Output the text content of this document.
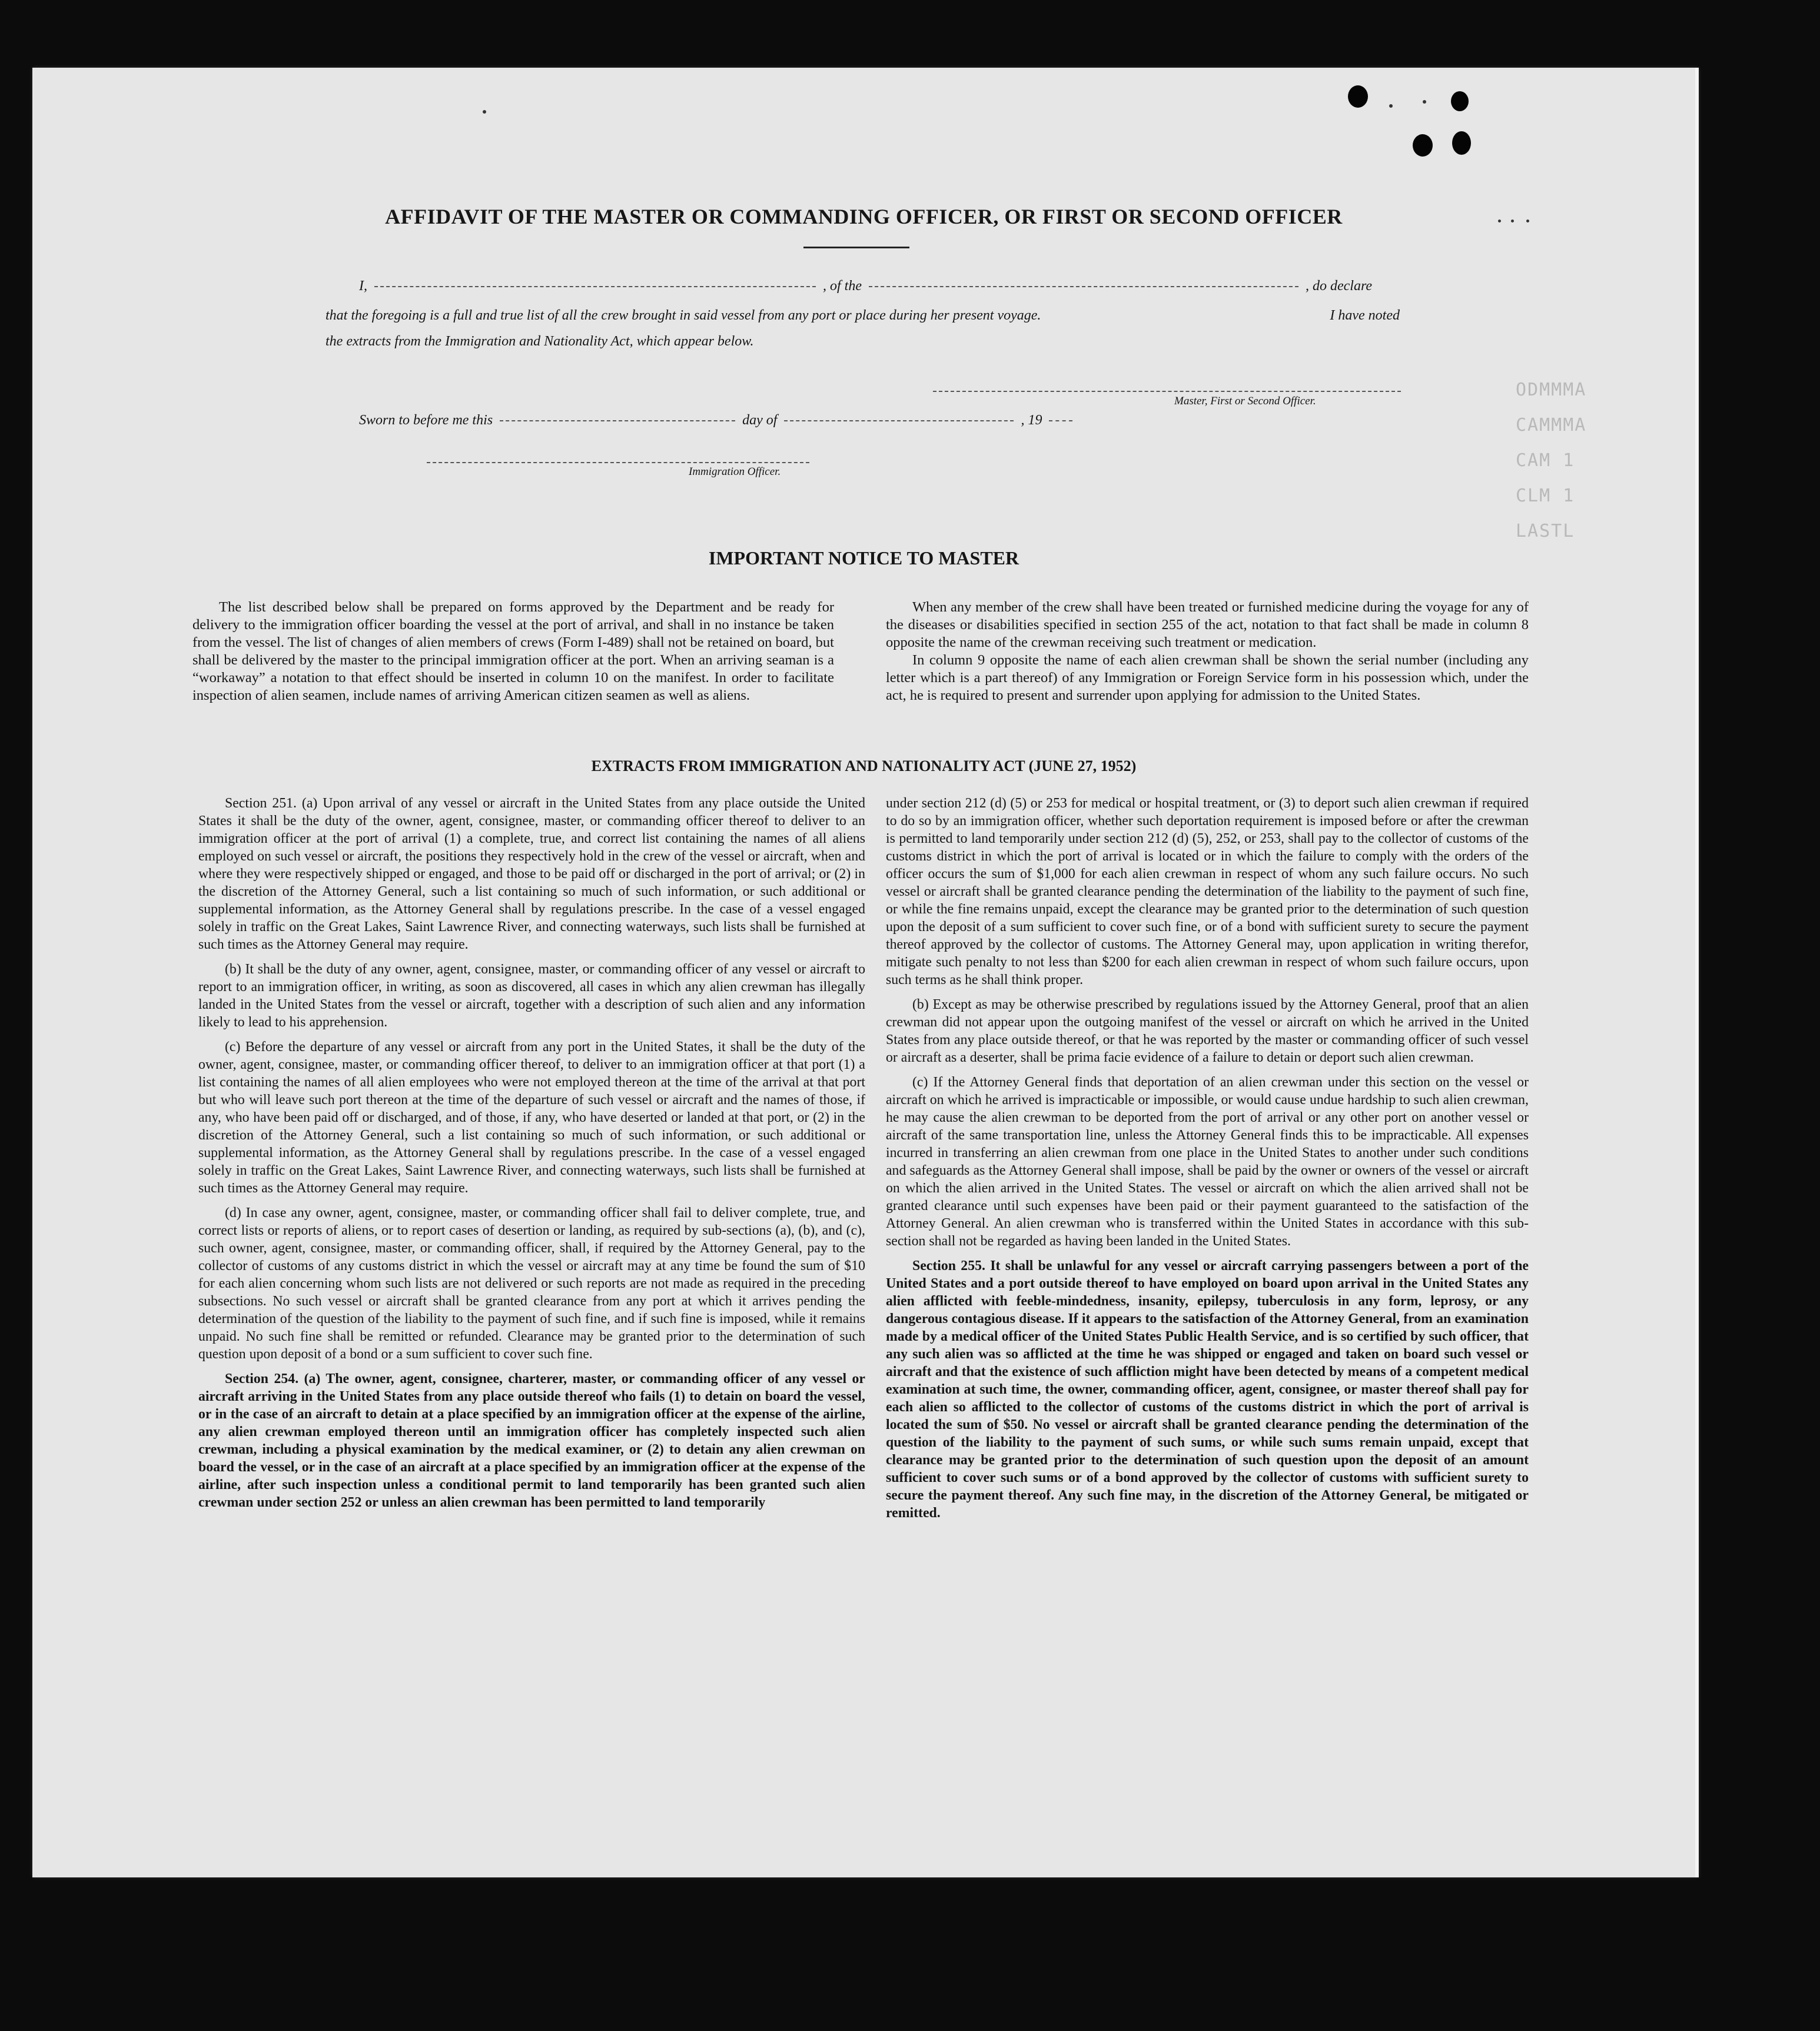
ODMMMA
CAMMMA
CAM 1
CLM 1
LASTL
AFFIDAVIT OF THE MASTER OR COMMANDING OFFICER, OR FIRST OR SECOND OFFICER
I,	, of the	, do declare
that the foregoing is a full and true list of all the crew brought in said vessel from any port or place during her present voyage.	I have noted
the extracts from the Immigration and Nationality Act, which appear below.
Master, First or Second Officer.
Sworn to before me this	day of	, 19
Immigration Officer.
IMPORTANT NOTICE TO MASTER

The list described below shall be prepared on forms approved by the Department and be ready for delivery to the immigration officer boarding the vessel at the port of arrival, and shall in no instance be taken from the vessel. The list of changes of alien members of crews (Form I-489) shall not be retained on board, but shall be delivered by the master to the principal immigration officer at the port. When an arriving seaman is a “workaway” a notation to that effect should be inserted in column 10 on the manifest. In order to facilitate inspection of alien seamen, include names of arriving American citizen seamen as well as aliens.

When any member of the crew shall have been treated or furnished medicine during the voyage for any of the diseases or disabilities specified in section 255 of the act, notation to that fact shall be made in column 8 opposite the name of the crewman receiving such treatment or medication.

In column 9 opposite the name of each alien crewman shall be shown the serial number (including any letter which is a part thereof) of any Immigration or Foreign Service form in his possession which, under the act, he is required to present and surrender upon applying for admission to the United States.

EXTRACTS FROM IMMIGRATION AND NATIONALITY ACT (JUNE 27, 1952)

Section 251. (a) Upon arrival of any vessel or aircraft in the United States from any place outside the United States it shall be the duty of the owner, agent, consignee, master, or commanding officer thereof to deliver to an immigration officer at the port of arrival (1) a complete, true, and correct list containing the names of all aliens employed on such vessel or aircraft, the positions they respectively hold in the crew of the vessel or aircraft, when and where they were respectively shipped or engaged, and those to be paid off or discharged in the port of arrival; or (2) in the discretion of the Attorney General, such a list containing so much of such information, or such additional or supplemental information, as the Attorney General shall by regulations prescribe. In the case of a vessel engaged solely in traffic on the Great Lakes, Saint Lawrence River, and connecting waterways, such lists shall be furnished at such times as the Attorney General may require.

(b) It shall be the duty of any owner, agent, consignee, master, or commanding officer of any vessel or aircraft to report to an immigration officer, in writing, as soon as discovered, all cases in which any alien crewman has illegally landed in the United States from the vessel or aircraft, together with a description of such alien and any information likely to lead to his apprehension.

(c) Before the departure of any vessel or aircraft from any port in the United States, it shall be the duty of the owner, agent, consignee, master, or commanding officer thereof, to deliver to an immigration officer at that port (1) a list containing the names of all alien employees who were not employed thereon at the time of the arrival at that port but who will leave such port thereon at the time of the departure of such vessel or aircraft and the names of those, if any, who have been paid off or discharged, and of those, if any, who have deserted or landed at that port, or (2) in the discretion of the Attorney General, such a list containing so much of such information, or such additional or supplemental information, as the Attorney General shall by regulations prescribe. In the case of a vessel engaged solely in traffic on the Great Lakes, Saint Lawrence River, and connecting waterways, such lists shall be furnished at such times as the Attorney General may require.

(d) In case any owner, agent, consignee, master, or commanding officer shall fail to deliver complete, true, and correct lists or reports of aliens, or to report cases of desertion or landing, as required by sub-sections (a), (b), and (c), such owner, agent, consignee, master, or commanding officer, shall, if required by the Attorney General, pay to the collector of customs of any customs district in which the vessel or aircraft may at any time be found the sum of $10 for each alien concerning whom such lists are not delivered or such reports are not made as required in the preceding subsections. No such vessel or aircraft shall be granted clearance from any port at which it arrives pending the determination of the question of the liability to the payment of such fine, and if such fine is imposed, while it remains unpaid. No such fine shall be remitted or refunded. Clearance may be granted prior to the determination of such question upon deposit of a bond or a sum sufficient to cover such fine.

Section 254. (a) The owner, agent, consignee, charterer, master, or commanding officer of any vessel or aircraft arriving in the United States from any place outside thereof who fails (1) to detain on board the vessel, or in the case of an aircraft to detain at a place specified by an immigration officer at the expense of the airline, any alien crewman employed thereon until an immigration officer has completely inspected such alien crewman, including a physical examination by the medical examiner, or (2) to detain any alien crewman on board the vessel, or in the case of an aircraft at a place specified by an immigration officer at the expense of the airline, after such inspection unless a conditional permit to land temporarily has been granted such alien crewman under section 252 or unless an alien crewman has been permitted to land temporarily

under section 212 (d) (5) or 253 for medical or hospital treatment, or (3) to deport such alien crewman if required to do so by an immigration officer, whether such deportation requirement is imposed before or after the crewman is permitted to land temporarily under section 212 (d) (5), 252, or 253, shall pay to the collector of customs of the customs district in which the port of arrival is located or in which the failure to comply with the orders of the officer occurs the sum of $1,000 for each alien crewman in respect of whom any such failure occurs. No such vessel or aircraft shall be granted clearance pending the determination of the liability to the payment of such fine, or while the fine remains unpaid, except the clearance may be granted prior to the determination of such question upon the deposit of a sum sufficient to cover such fine, or of a bond with sufficient surety to secure the payment thereof approved by the collector of customs. The Attorney General may, upon application in writing therefor, mitigate such penalty to not less than $200 for each alien crewman in respect of whom such failure occurs, upon such terms as he shall think proper.

(b) Except as may be otherwise prescribed by regulations issued by the Attorney General, proof that an alien crewman did not appear upon the outgoing manifest of the vessel or aircraft on which he arrived in the United States from any place outside thereof, or that he was reported by the master or commanding officer of such vessel or aircraft as a deserter, shall be prima facie evidence of a failure to detain or deport such alien crewman.

(c) If the Attorney General finds that deportation of an alien crewman under this section on the vessel or aircraft on which he arrived is impracticable or impossible, or would cause undue hardship to such alien crewman, he may cause the alien crewman to be deported from the port of arrival or any other port on another vessel or aircraft of the same transportation line, unless the Attorney General finds this to be impracticable. All expenses incurred in transferring an alien crewman from one place in the United States to another under such conditions and safeguards as the Attorney General shall impose, shall be paid by the owner or owners of the vessel or aircraft on which the alien arrived in the United States. The vessel or aircraft on which the alien arrived shall not be granted clearance until such expenses have been paid or their payment guaranteed to the satisfaction of the Attorney General. An alien crewman who is transferred within the United States in accordance with this sub-section shall not be regarded as having been landed in the United States.

Section 255. It shall be unlawful for any vessel or aircraft carrying passengers between a port of the United States and a port outside thereof to have employed on board upon arrival in the United States any alien afflicted with feeble-mindedness, insanity, epilepsy, tuberculosis in any form, leprosy, or any dangerous contagious disease. If it appears to the satisfaction of the Attorney General, from an examination made by a medical officer of the United States Public Health Service, and is so certified by such officer, that any such alien was so afflicted at the time he was shipped or engaged and taken on board such vessel or aircraft and that the existence of such affliction might have been detected by means of a competent medical examination at such time, the owner, commanding officer, agent, consignee, or master thereof shall pay for each alien so afflicted to the collector of customs of the customs district in which the port of arrival is located the sum of $50. No vessel or aircraft shall be granted clearance pending the determination of the question of the liability to the payment of such sums, or while such sums remain unpaid, except that clearance may be granted prior to the determination of such question upon the deposit of an amount sufficient to cover such sums or of a bond approved by the collector of customs with sufficient surety to secure the payment thereof. Any such fine may, in the discretion of the Attorney General, be mitigated or remitted.
